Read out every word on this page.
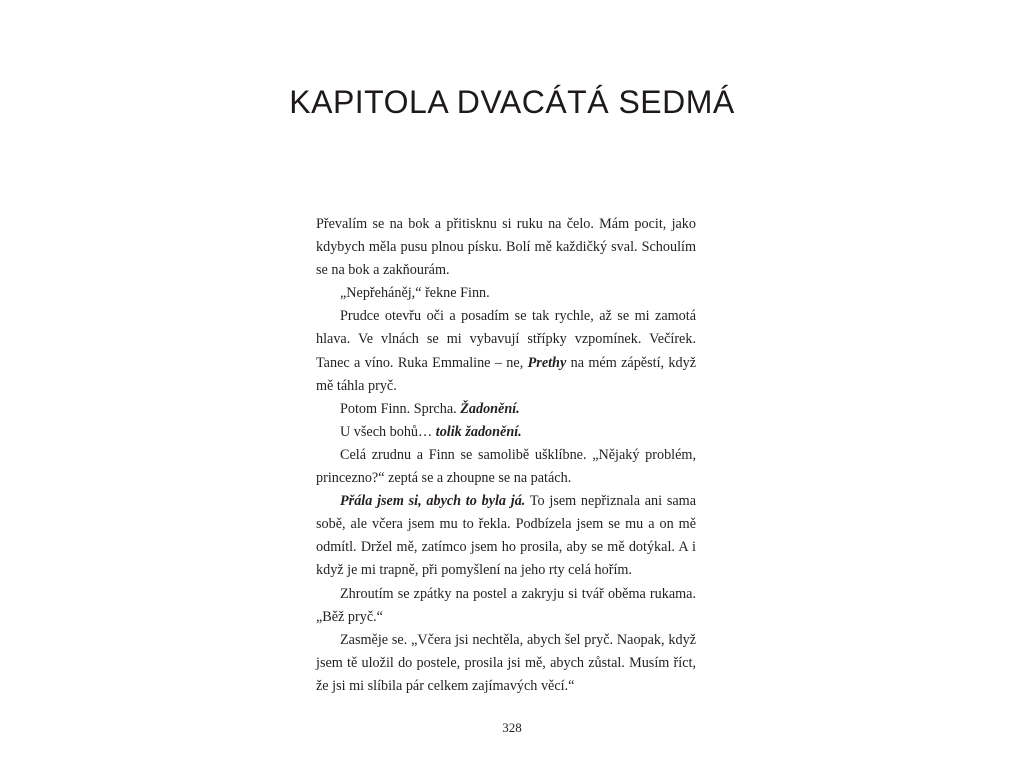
KAPITOLA DVACÁTÁ SEDMÁ

Převalím se na bok a přitisknu si ruku na čelo. Mám pocit, jako kdybych měla pusu plnou písku. Bolí mě každičký sval. Schoulím se na bok a zakňourám.

„Nepřeháněj,“ řekne Finn.

Prudce otevřu oči a posadím se tak rychle, až se mi zamotá hlava. Ve vlnách se mi vybavují střípky vzpomínek. Večírek. Tanec a víno. Ruka Emmaline – ne, Prethy na mém zápěstí, když mě táhla pryč.

Potom Finn. Sprcha. Žadonění.

U všech bohů… tolik žadonění.

Celá zrudnu a Finn se samolibě ušklíbne. „Nějaký problém, princezno?“ zeptá se a zhoupne se na patách.

Přála jsem si, abych to byla já. To jsem nepřiznala ani sama sobě, ale včera jsem mu to řekla. Podbízela jsem se mu a on mě odmítl. Držel mě, zatímco jsem ho prosila, aby se mě dotýkal. A i když je mi trapně, při pomyšlení na jeho rty celá hořím.

Zhroutím se zpátky na postel a zakryju si tvář oběma rukama. „Běž pryč.“

Zasměje se. „Včera jsi nechtěla, abych šel pryč. Naopak, když jsem tě uložil do postele, prosila jsi mě, abych zůstal. Musím říct, že jsi mi slíbila pár celkem zajímavých věcí.“

328
